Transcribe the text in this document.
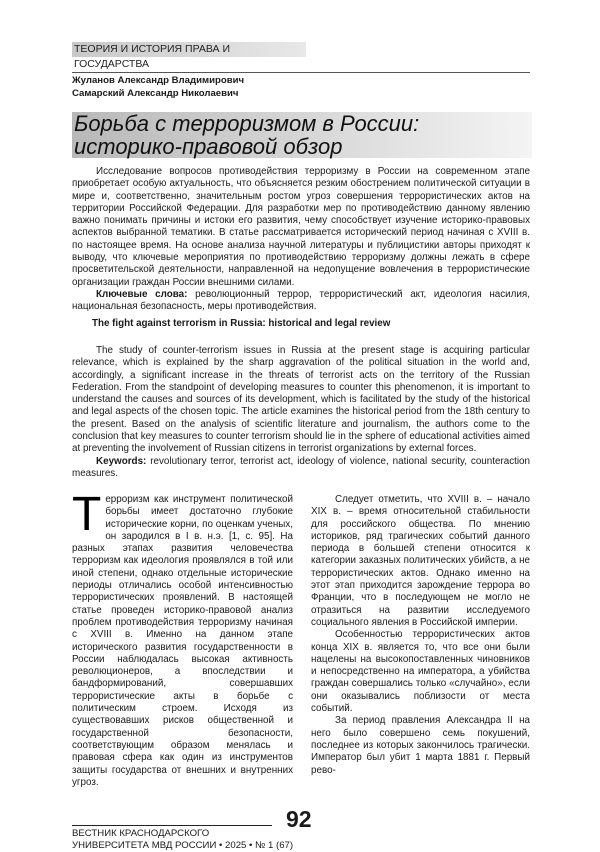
ТЕОРИЯ И ИСТОРИЯ ПРАВА И ГОСУДАРСТВА
Жуланов Александр Владимирович
Самарский Александр Николаевич
Борьба с терроризмом в России:
историко-правовой обзор

Исследование вопросов противодействия терроризму в России на современном этапе приобретает особую актуальность, что объясняется резким обострением политической ситуации в мире и, соответственно, значительным ростом угроз совершения террористических актов на территории Российской Федерации. Для разработки мер по противодействию данному явлению важно понимать причины и истоки его развития, чему способствует изучение историко-правовых аспектов выбранной тематики. В статье рассматривается исторический период начиная с XVIII в. по настоящее время. На основе анализа научной литературы и публицистики авторы приходят к выводу, что ключевые мероприятия по противодействию терроризму должны лежать в сфере просветительской деятельности, направленной на недопущение вовлечения в террористические организации граждан России внешними силами.

Ключевые слова: революционный террор, террористический акт, идеология насилия, национальная безопасность, меры противодействия.

The fight against terrorism in Russia: historical and legal review

The study of counter-terrorism issues in Russia at the present stage is acquiring particular relevance, which is explained by the sharp aggravation of the political situation in the world and, accordingly, a significant increase in the threats of terrorist acts on the territory of the Russian Federation. From the standpoint of developing measures to counter this phenomenon, it is important to understand the causes and sources of its development, which is facilitated by the study of the historical and legal aspects of the chosen topic. The article examines the historical period from the 18th century to the present. Based on the analysis of scientific literature and journalism, the authors come to the conclusion that key measures to counter terrorism should lie in the sphere of educational activities aimed at preventing the involvement of Russian citizens in terrorist organizations by external forces.

Keywords: revolutionary terror, terrorist act, ideology of violence, national security, counteraction measures.

Т ерроризм как инструмент политической борьбы имеет достаточно глубокие исторические корни, по оценкам ученых, он зародился в I в. н.э. [1, с. 95]. На разных этапах развития человечества терроризм как идеология проявлялся в той или иной степени, однако отдельные исторические периоды отличались особой интенсивностью террористических проявлений. В настоящей статье проведен историко-правовой анализ проблем противодействия терроризму начиная с XVIII в. Именно на данном этапе исторического развития государственности в России наблюдалась высокая активность революционеров, а впоследствии и бандформирований, совершавших террористические акты в борьбе с политическим строем. Исходя из существовавших рисков общественной и государственной безопасности, соответствующим образом менялась и правовая сфера как один из инструментов защиты государства от внешних и внутренних угроз.

Следует отметить, что XVIII в. – начало XIX в. – время относительной стабильности для российского общества. По мнению историков, ряд трагических событий данного периода в большей степени относится к категории заказных политических убийств, а не террористических актов. Однако именно на этот этап приходится зарождение террора во Франции, что в последующем не могло не отразиться на развитии исследуемого социального явления в Российской империи.

Особенностью террористических актов конца XIX в. является то, что все они были нацелены на высокопоставленных чиновников и непосредственно на императора, а убийства граждан совершались только «случайно», если они оказывались поблизости от места событий.

За период правления Александра II на него было совершено семь покушений, последнее из которых закончилось трагически. Император был убит 1 марта 1881 г. Первый рево-

92
ВЕСТНИК КРАСНОДАРСКОГО
УНИВЕРСИТЕТА МВД РОССИИ • 2025 • № 1 (67)
